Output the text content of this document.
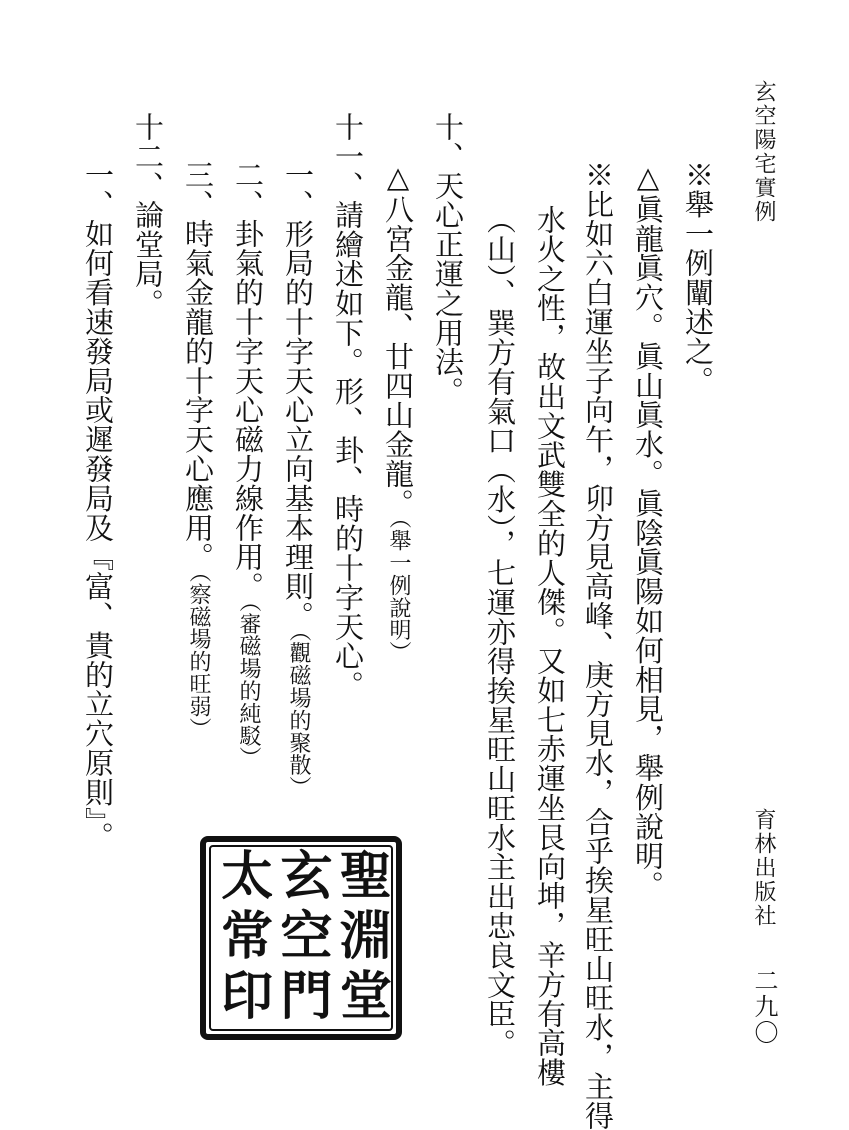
玄空陽宅實例
育林出版社
二九〇
※舉一例闡述之。
△眞龍眞穴。眞山眞水。眞陰眞陽如何相見，舉例說明。
※比如六白運坐子向午，卯方見高峰、庚方見水，合乎挨星旺山旺水，主得
水火之性，故出文武雙全的人傑。又如七赤運坐艮向坤，辛方有高樓
（山）、巽方有氣口（水），七運亦得挨星旺山旺水主出忠良文臣。
十、天心正運之用法。
△八宮金龍、廿四山金龍。（舉一例說明）
十一、請繪述如下。形、卦、時的十字天心。
一、形局的十字天心立向基本理則。（觀磁場的聚散）
二、卦氣的十字天心磁力線作用。（審磁場的純駁）
三、時氣金龍的十字天心應用。（察磁場的旺弱）
十二、論堂局。
一、如何看速發局或遲發局及『富、貴的立穴原則』。
聖淵堂
玄空門
太常印
